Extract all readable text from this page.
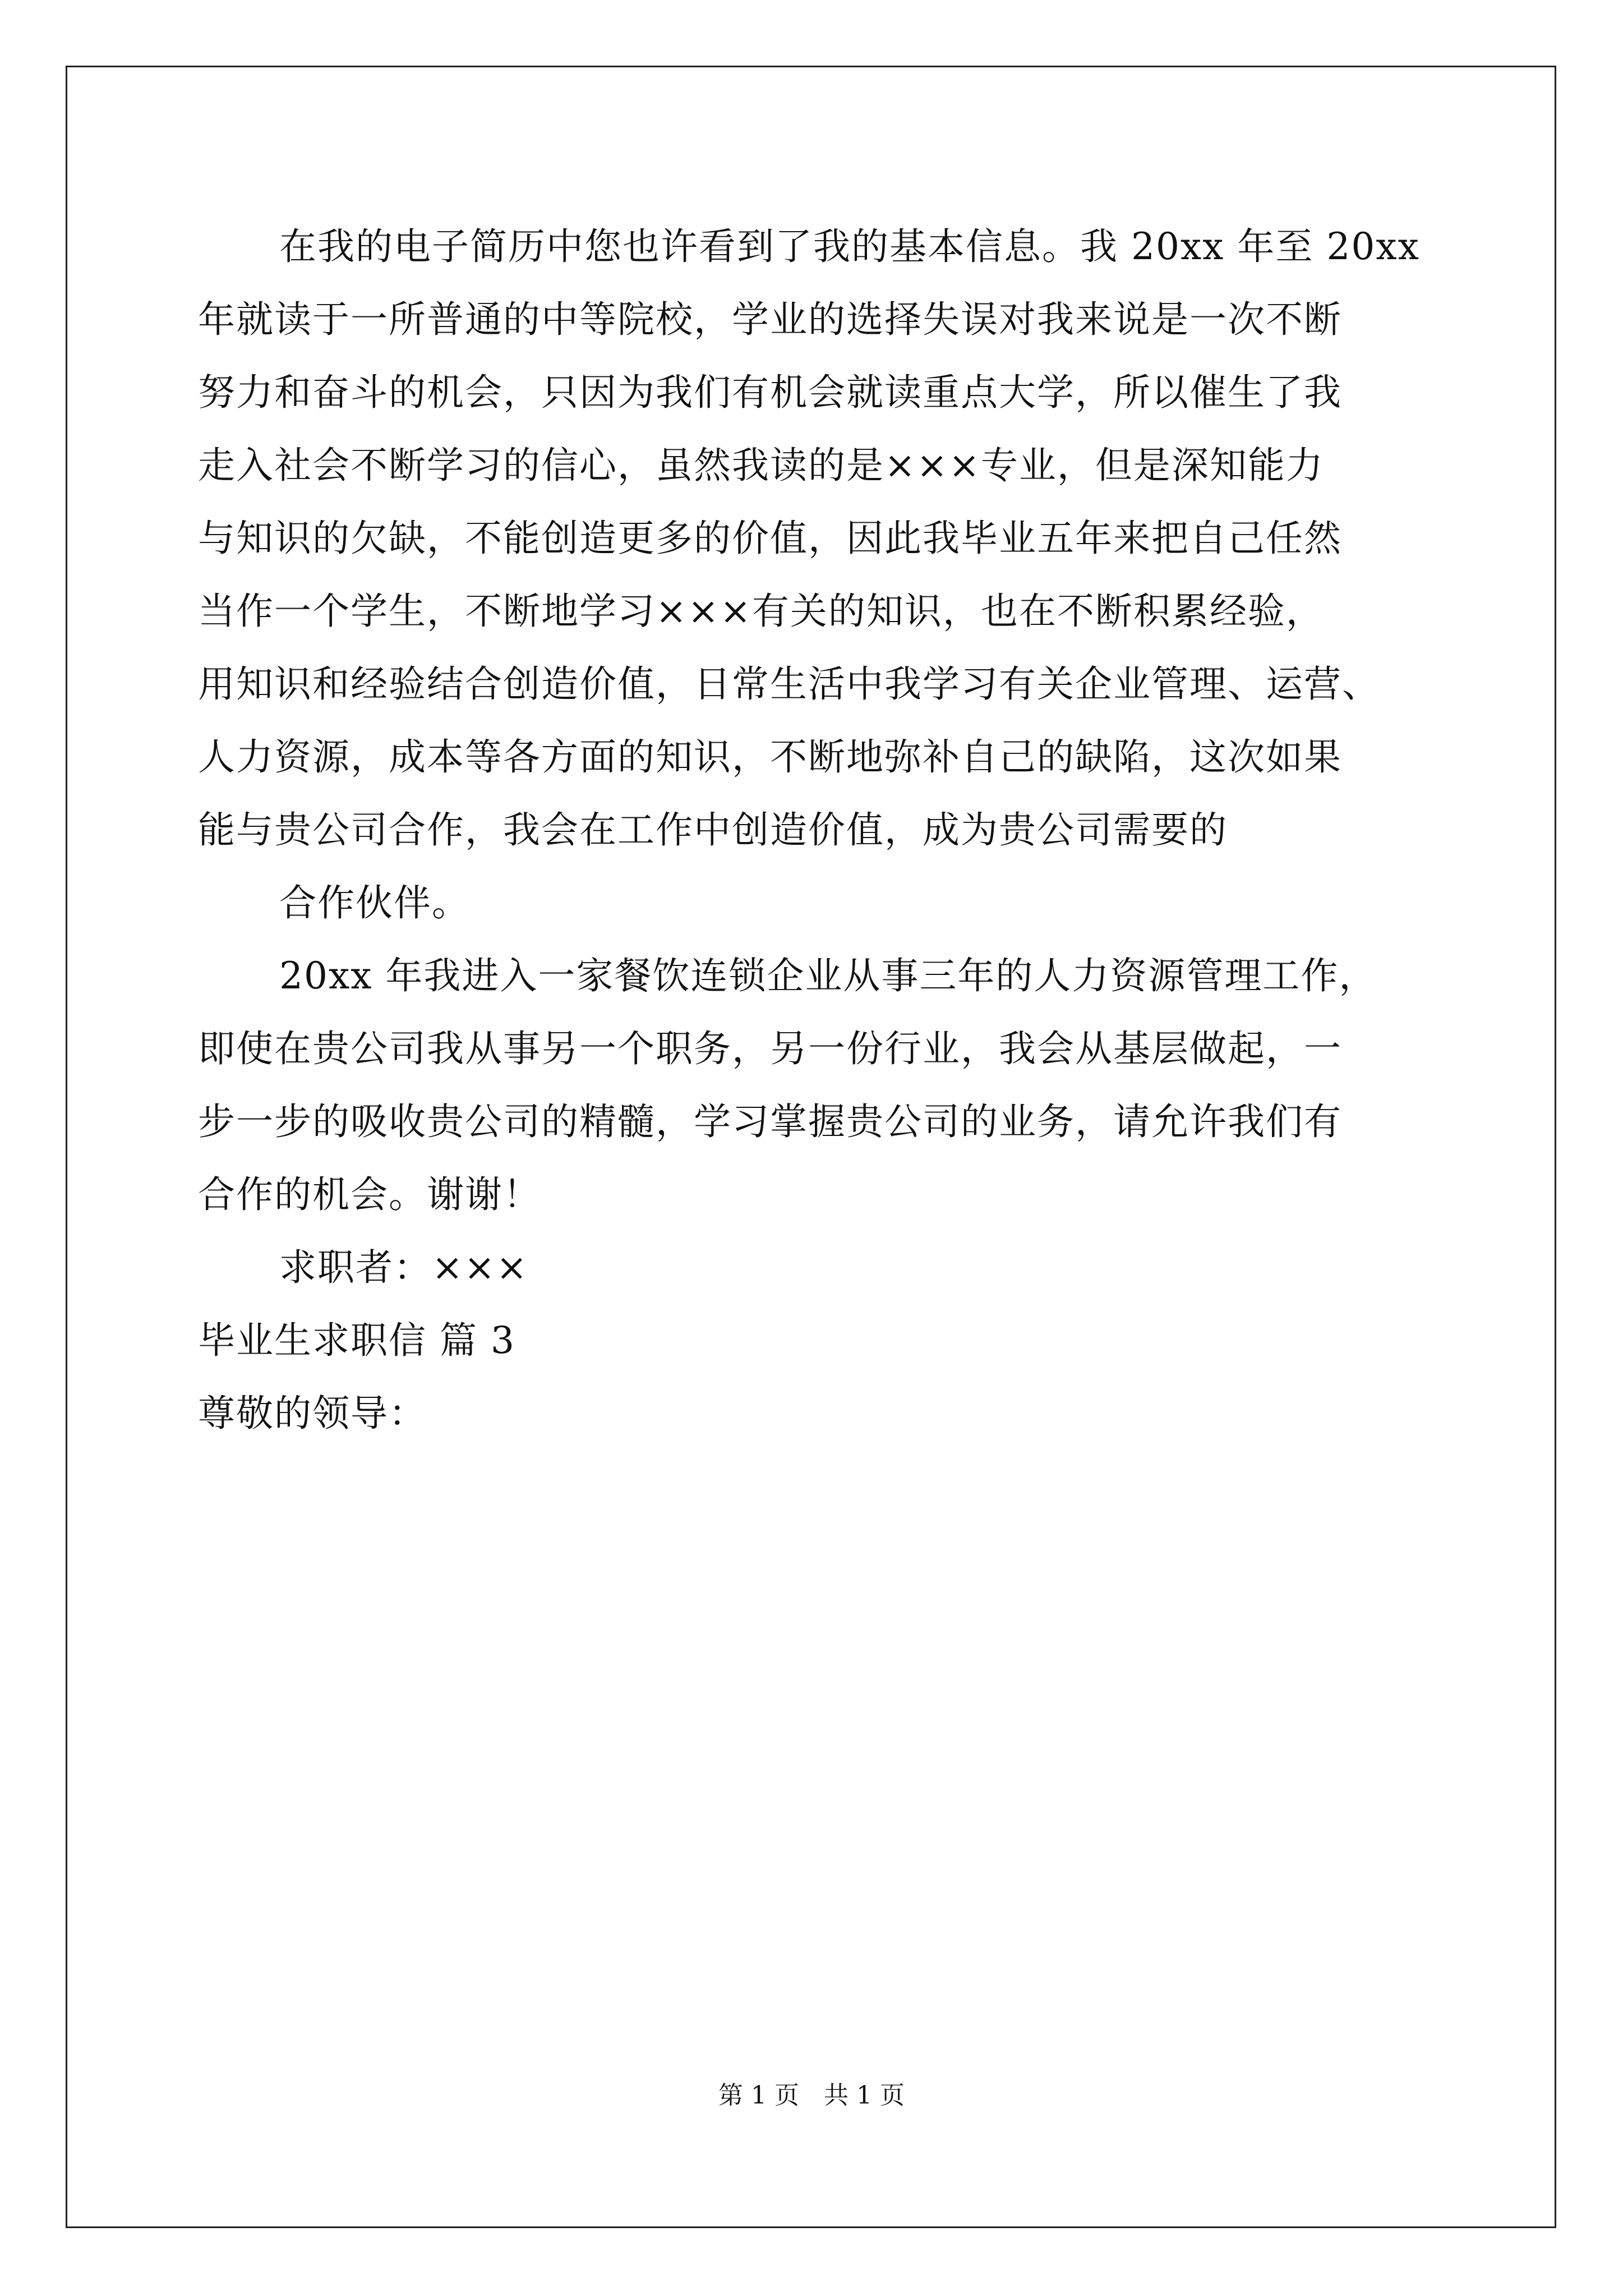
在我的电子简历中您也许看到了我的基本信息。我 20xx 年至 20xx
年就读于一所普通的中等院校，学业的选择失误对我来说是一次不断
努力和奋斗的机会，只因为我们有机会就读重点大学，所以催生了我
走入社会不断学习的信心，虽然我读的是×××专业，但是深知能力
与知识的欠缺，不能创造更多的价值，因此我毕业五年来把自己任然
当作一个学生，不断地学习×××有关的知识，也在不断积累经验，
用知识和经验结合创造价值，日常生活中我学习有关企业管理、运营、
人力资源，成本等各方面的知识，不断地弥补自己的缺陷，这次如果
能与贵公司合作，我会在工作中创造价值，成为贵公司需要的
合作伙伴。
20xx 年我进入一家餐饮连锁企业从事三年的人力资源管理工作，
即使在贵公司我从事另一个职务，另一份行业，我会从基层做起，一
步一步的吸收贵公司的精髓，学习掌握贵公司的业务，请允许我们有
合作的机会。谢谢！
求职者：×××
毕业生求职信 篇 3
尊敬的领导：
第 1 页　共 1 页
